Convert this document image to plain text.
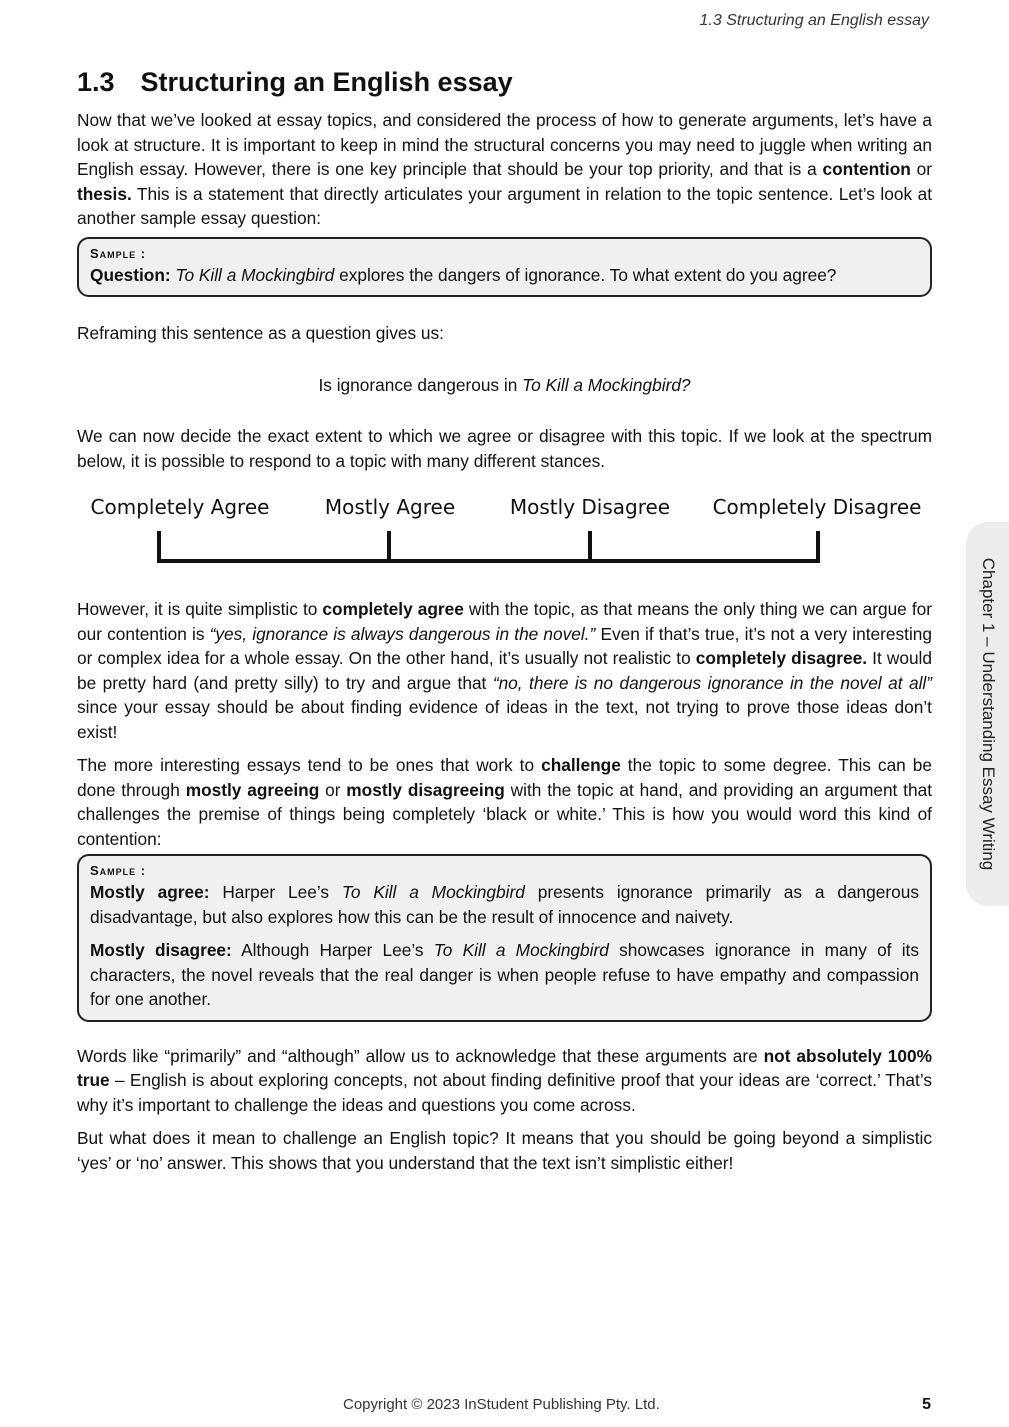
1.3 Structuring an English essay
1.3 Structuring an English essay

Now that we’ve looked at essay topics, and considered the process of how to generate arguments, let’s have a look at structure. It is important to keep in mind the structural concerns you may need to juggle when writing an English essay. However, there is one key principle that should be your top priority, and that is a contention or thesis. This is a statement that directly articulates your argument in relation to the topic sentence. Let’s look at another sample essay question:

Sample :

Question: To Kill a Mockingbird explores the dangers of ignorance. To what extent do you agree?

Reframing this sentence as a question gives us:

Is ignorance dangerous in To Kill a Mockingbird?

We can now decide the exact extent to which we agree or disagree with this topic. If we look at the spectrum below, it is possible to respond to a topic with many different stances.

Completely Agree	Mostly Agree	Mostly Disagree Completely Disagree

However, it is quite simplistic to completely agree with the topic, as that means the only thing we can argue for our contention is “yes, ignorance is always dangerous in the novel.” Even if that’s true, it’s not a very interesting or complex idea for a whole essay. On the other hand, it’s usually not realistic to completely disagree. It would be pretty hard (and pretty silly) to try and argue that “no, there is no dangerous ignorance in the novel at all” since your essay should be about finding evidence of ideas in the text, not trying to prove those ideas don’t exist!

The more interesting essays tend to be ones that work to challenge the topic to some degree. This can be done through mostly agreeing or mostly disagreeing with the topic at hand, and providing an argument that challenges the premise of things being completely ‘black or white.’ This is how you would word this kind of contention:

Sample :

Mostly agree: Harper Lee’s To Kill a Mockingbird presents ignorance primarily as a dangerous disadvantage, but also explores how this can be the result of innocence and naivety.

Mostly disagree: Although Harper Lee’s To Kill a Mockingbird showcases ignorance in many of its characters, the novel reveals that the real danger is when people refuse to have empathy and compassion for one another.

Words like “primarily” and “although” allow us to acknowledge that these arguments are not absolutely 100% true – English is about exploring concepts, not about finding definitive proof that your ideas are ‘correct.’ That’s why it’s important to challenge the ideas and questions you come across.

But what does it mean to challenge an English topic? It means that you should be going beyond a simplistic ‘yes’ or ‘no’ answer. This shows that you understand that the text isn’t simplistic either!

Chapter 1 – Understanding Essay Writing
Copyright © 2023 InStudent Publishing Pty. Ltd.	5
